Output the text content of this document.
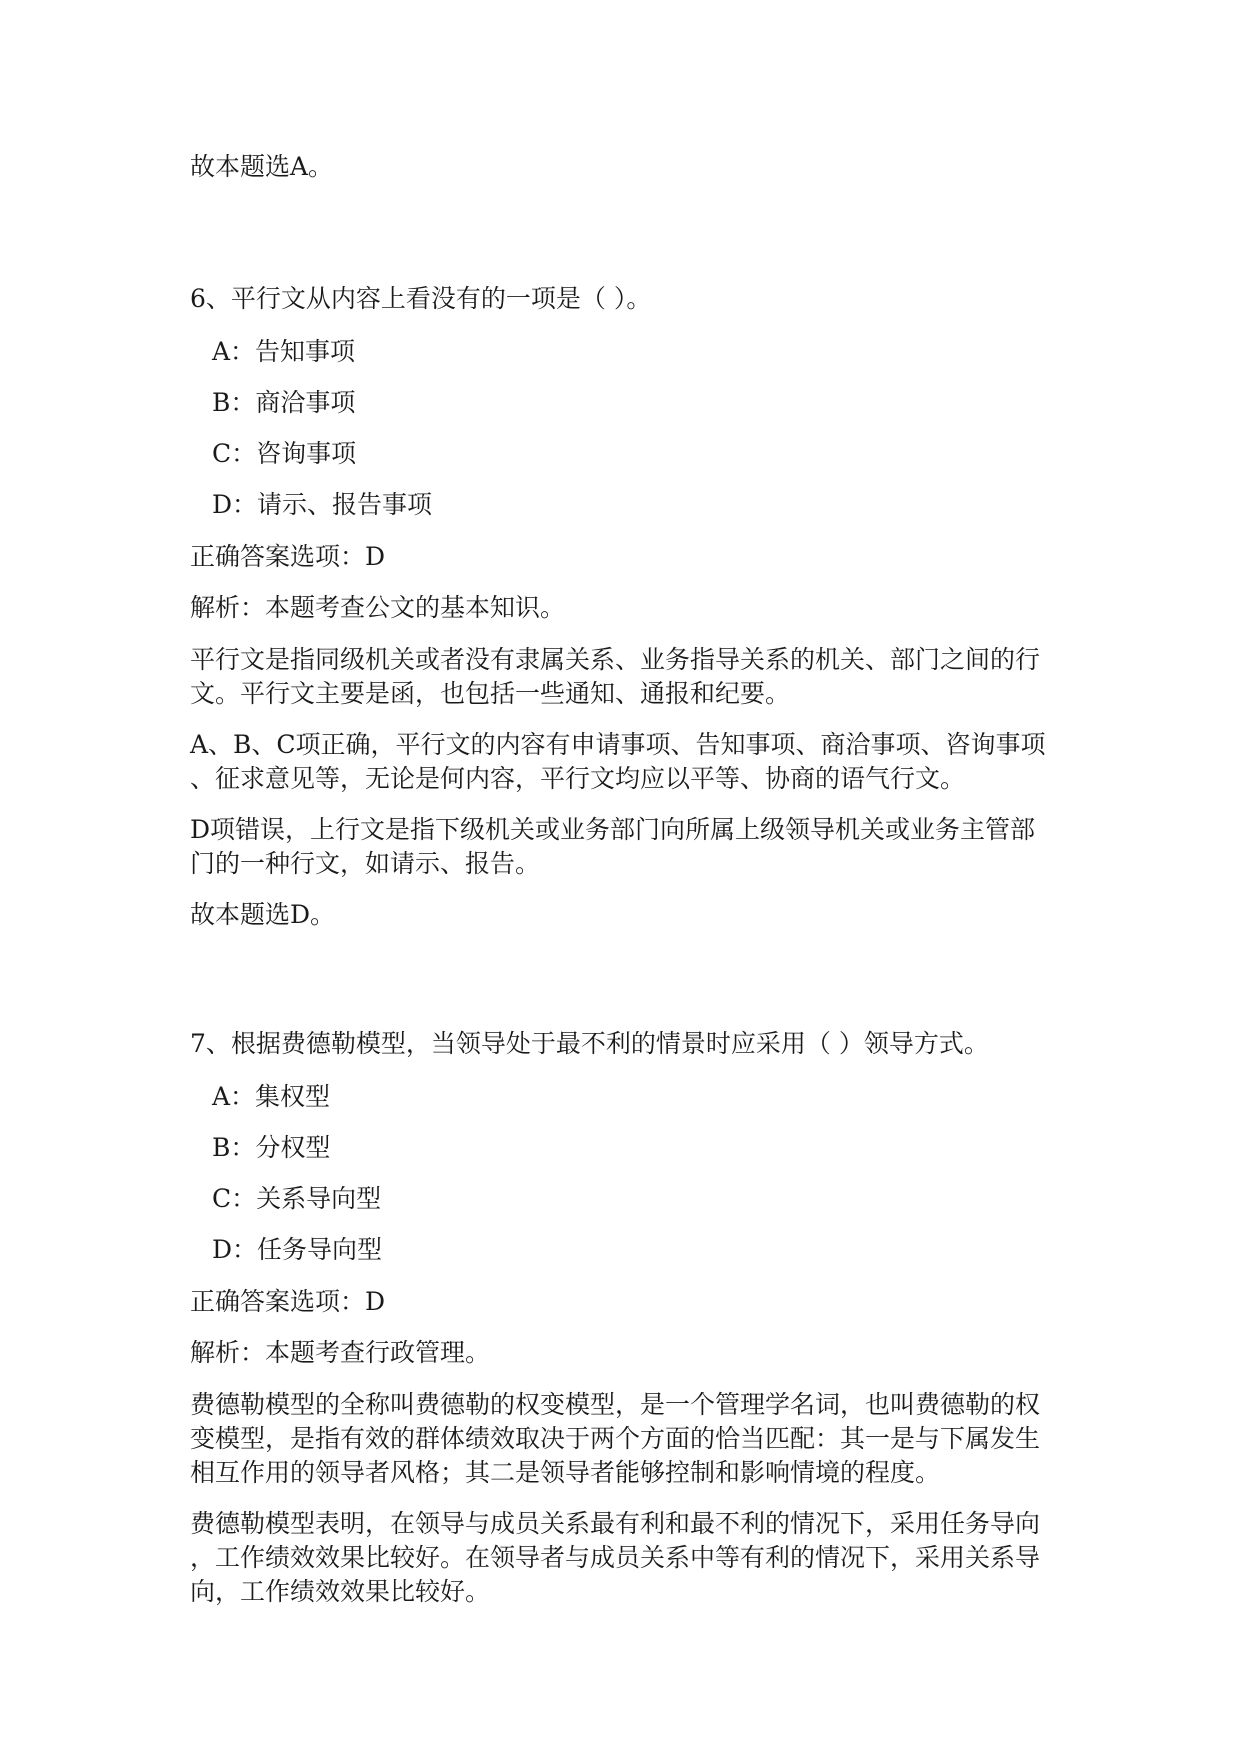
故本题选A。

6、平行文从内容上看没有的一项是（ ）。

A：告知事项

B：商洽事项

C：咨询事项

D：请示、报告事项

正确答案选项：D

解析：本题考查公文的基本知识。

平行文是指同级机关或者没有隶属关系、业务指导关系的机关、部门之间的行

文。平行文主要是函，也包括一些通知、通报和纪要。

A、B、C项正确，平行文的内容有申请事项、告知事项、商洽事项、咨询事项

、征求意见等，无论是何内容，平行文均应以平等、协商的语气行文。

D项错误，上行文是指下级机关或业务部门向所属上级领导机关或业务主管部

门的一种行文，如请示、报告。

故本题选D。

7、根据费德勒模型，当领导处于最不利的情景时应采用（ ）领导方式。

A：集权型

B：分权型

C：关系导向型

D：任务导向型

正确答案选项：D

解析：本题考查行政管理。

费德勒模型的全称叫费德勒的权变模型，是一个管理学名词，也叫费德勒的权

变模型，是指有效的群体绩效取决于两个方面的恰当匹配：其一是与下属发生

相互作用的领导者风格；其二是领导者能够控制和影响情境的程度。

费德勒模型表明，在领导与成员关系最有利和最不利的情况下，采用任务导向

，工作绩效效果比较好。在领导者与成员关系中等有利的情况下，采用关系导

向，工作绩效效果比较好。
